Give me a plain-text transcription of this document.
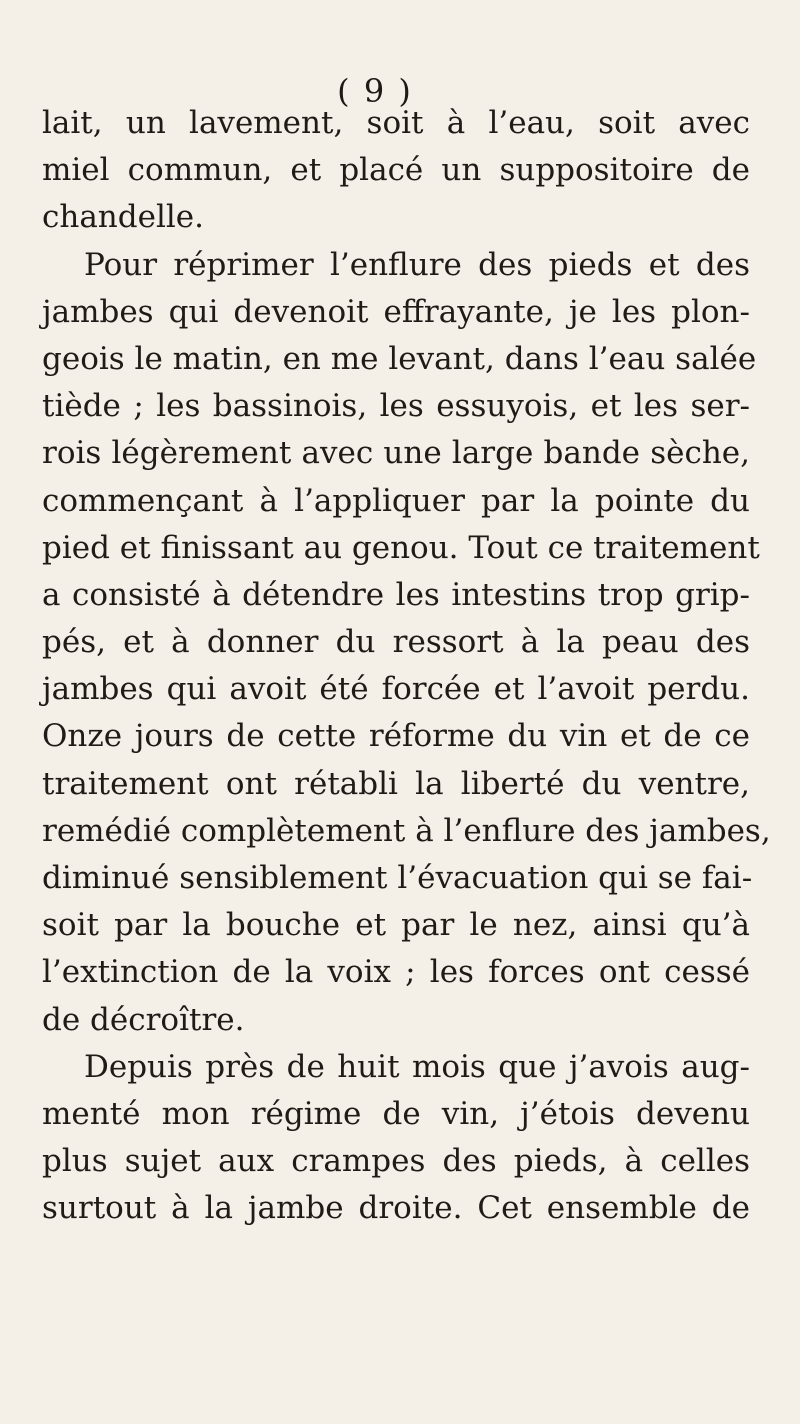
( 9 )
lait, un lavement, soit à l’eau, soit avec
miel commun, et placé un suppositoire de
chandelle.
Pour réprimer l’enflure des pieds et des
jambes qui devenoit effrayante, je les plon-
geois le matin, en me levant, dans l’eau salée
tiède ; les bassinois, les essuyois, et les ser-
rois légèrement avec une large bande sèche,
commençant à l’appliquer par la pointe du
pied et finissant au genou. Tout ce traitement
a consisté à détendre les intestins trop grip-
pés, et à donner du ressort à la peau des
jambes qui avoit été forcée et l’avoit perdu.
Onze jours de cette réforme du vin et de ce
traitement ont rétabli la liberté du ventre,
remédié complètement à l’enflure des jambes,
diminué sensiblement l’évacuation qui se fai-
soit par la bouche et par le nez, ainsi qu’à
l’extinction de la voix ; les forces ont cessé
de décroître.
Depuis près de huit mois que j’avois aug-
menté mon régime de vin, j’étois devenu
plus sujet aux crampes des pieds, à celles
surtout à la jambe droite. Cet ensemble de
